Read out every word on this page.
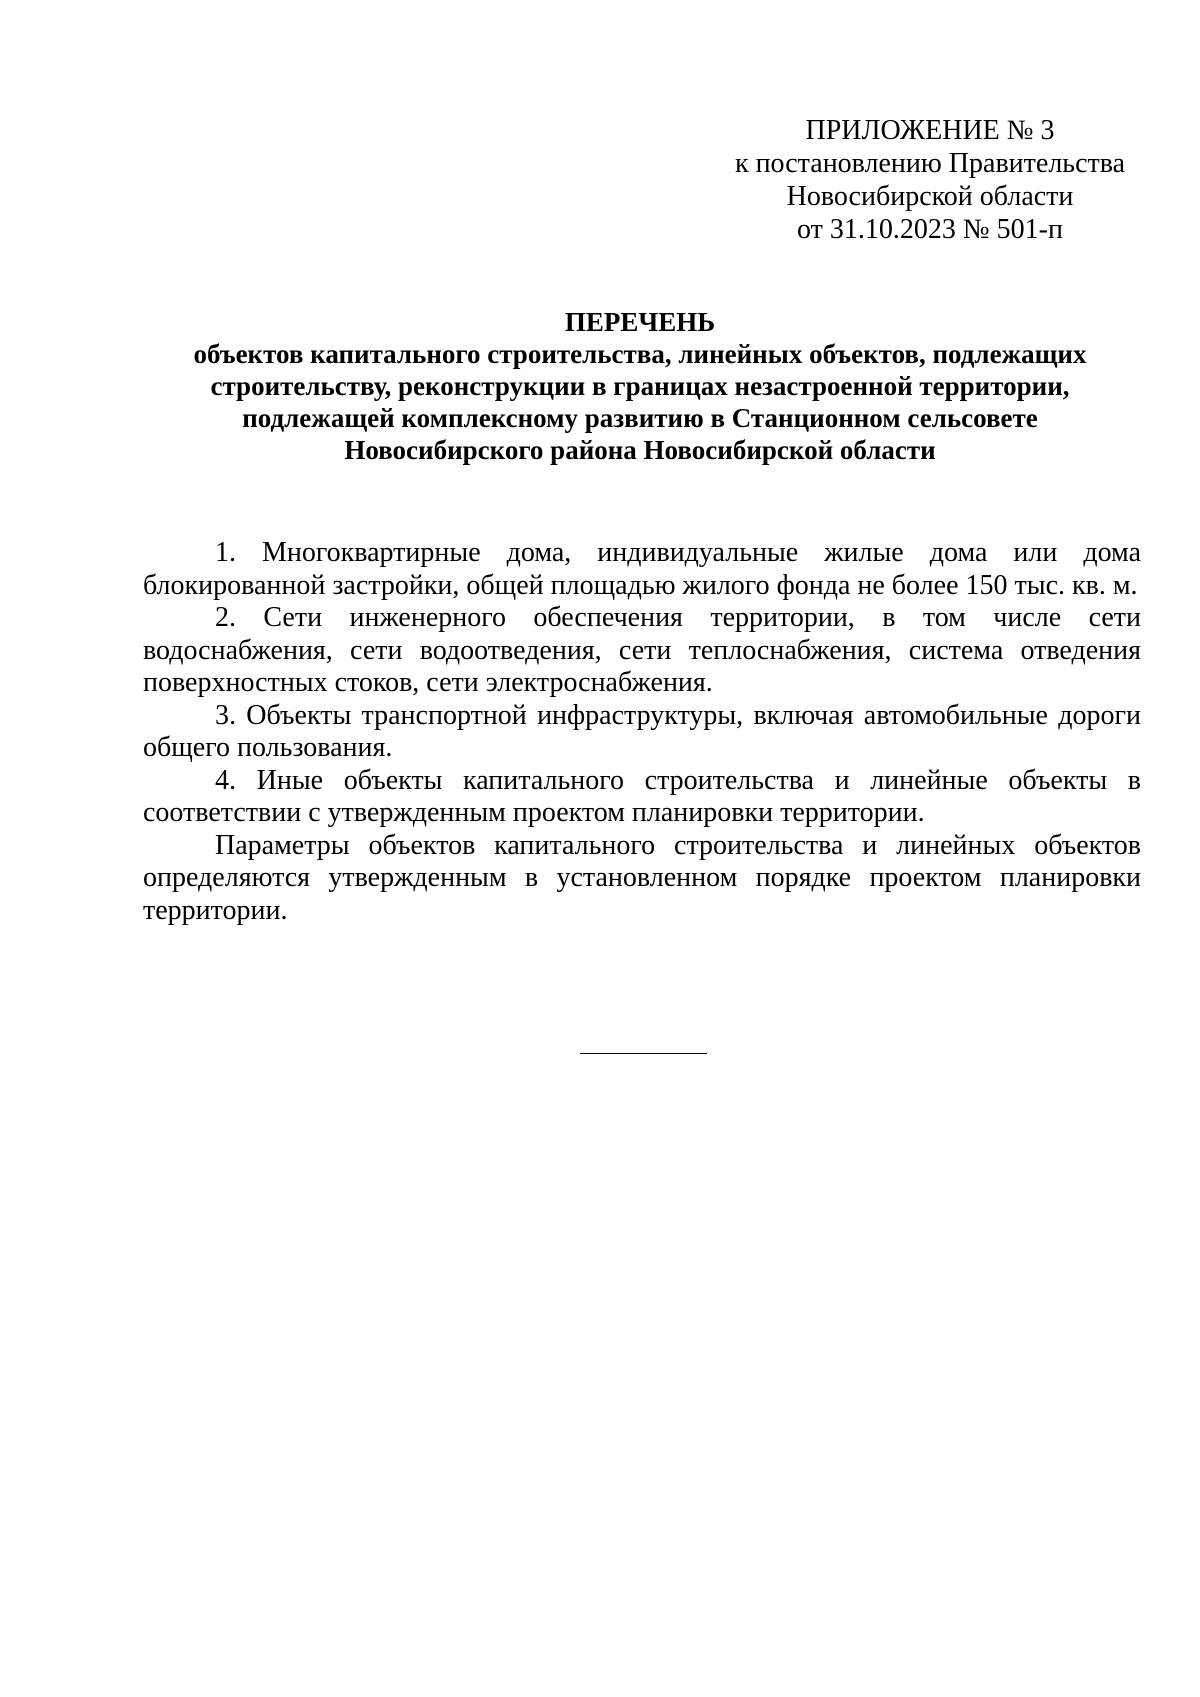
ПРИЛОЖЕНИЕ № 3
к постановлению Правительства
Новосибирской области
от 31.10.2023 № 501-п
ПЕРЕЧЕНЬ
объектов капитального строительства, линейных объектов, подлежащих
строительству, реконструкции в границах незастроенной территории,
подлежащей комплексному развитию в Станционном сельсовете
Новосибирского района Новосибирской области

1. Многоквартирные дома, индивидуальные жилые дома или дома блокированной застройки, общей площадью жилого фонда не более 150 тыс. кв. м.

2. Сети инженерного обеспечения территории, в том числе сети водоснабжения, сети водоотведения, сети теплоснабжения, система отведения поверхностных стоков, сети электроснабжения.

3. Объекты транспортной инфраструктуры, включая автомобильные дороги общего пользования.

4. Иные объекты капитального строительства и линейные объекты в соответствии с утвержденным проектом планировки территории.

Параметры объектов капитального строительства и линейных объектов определяются утвержденным в установленном порядке проектом планировки территории.
